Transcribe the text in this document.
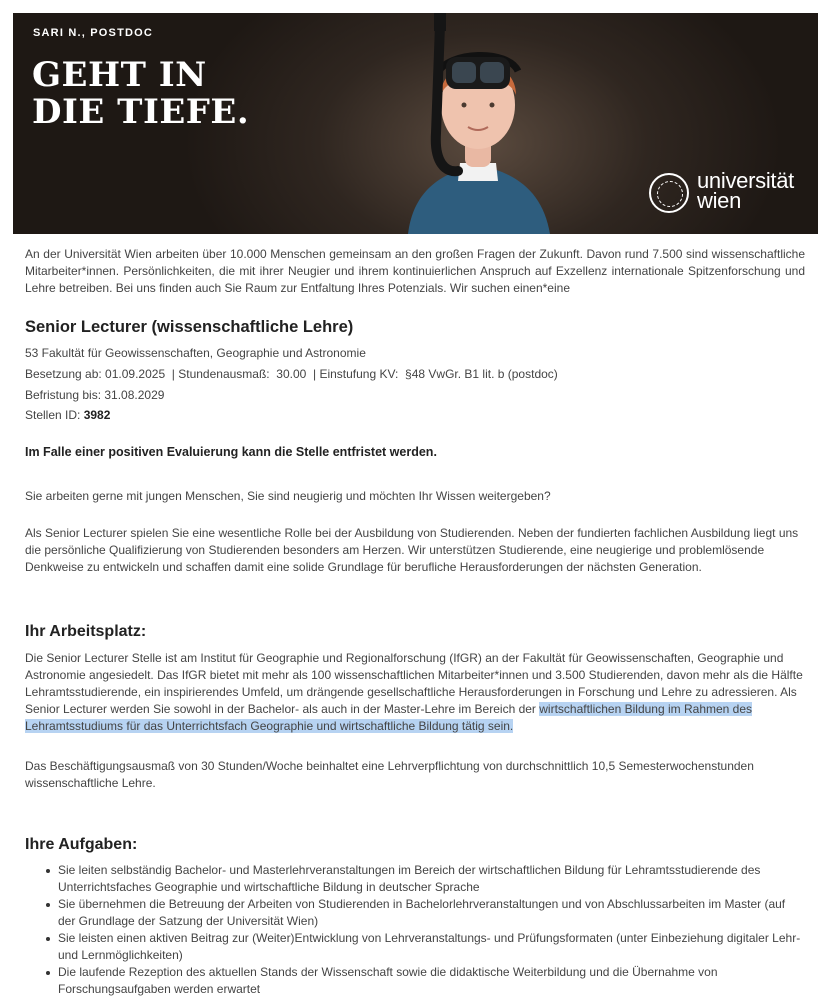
SARI N., POSTDOC
GEHT IN
DIE TIEFE.
universität
wien

An der Universität Wien arbeiten über 10.000 Menschen gemeinsam an den großen Fragen der Zukunft. Davon rund 7.500 sind wissenschaftliche Mitarbeiter*innen. Persönlichkeiten, die mit ihrer Neugier und ihrem kontinuierlichen Anspruch auf Exzellenz internationale Spitzenforschung und Lehre betreiben. Bei uns finden auch Sie Raum zur Entfaltung Ihres Potenzials. Wir suchen einen*eine

Senior Lecturer (wissenschaftliche Lehre)
53 Fakultät für Geowissenschaften, Geographie und Astronomie
Besetzung ab: 01.09.2025  | Stundenausmaß:  30.00  | Einstufung KV:  §48 VwGr. B1 lit. b (postdoc)
Befristung bis: 31.08.2029
Stellen ID: 3982
Im Falle einer positiven Evaluierung kann die Stelle entfristet werden.

Sie arbeiten gerne mit jungen Menschen, Sie sind neugierig und möchten Ihr Wissen weitergeben?

Als Senior Lecturer spielen Sie eine wesentliche Rolle bei der Ausbildung von Studierenden. Neben der fundierten fachlichen Ausbildung liegt uns die persönliche Qualifizierung von Studierenden besonders am Herzen. Wir unterstützen Studierende, eine neugierige und problemlösende Denkweise zu entwickeln und schaffen damit eine solide Grundlage für berufliche Herausforderungen der nächsten Generation.

Ihr Arbeitsplatz:

Die Senior Lecturer Stelle ist am Institut für Geographie und Regionalforschung (IfGR) an der Fakultät für Geowissenschaften, Geographie und Astronomie angesiedelt. Das IfGR bietet mit mehr als 100 wissenschaftlichen Mitarbeiter*innen und 3.500 Studierenden, davon mehr als die Hälfte Lehramtsstudierende, ein inspirierendes Umfeld, um drängende gesellschaftliche Herausforderungen in Forschung und Lehre zu adressieren. Als Senior Lecturer werden Sie sowohl in der Bachelor- als auch in der Master-Lehre im Bereich der wirtschaftlichen Bildung im Rahmen des Lehramtsstudiums für das Unterrichtsfach Geographie und wirtschaftliche Bildung tätig sein.

Das Beschäftigungsausmaß von 30 Stunden/Woche beinhaltet eine Lehrverpflichtung von durchschnittlich 10,5 Semesterwochenstunden wissenschaftliche Lehre.

Ihre Aufgaben:
Sie leiten selbständig Bachelor- und Masterlehrveranstaltungen im Bereich der wirtschaftlichen Bildung für Lehramtsstudierende des Unterrichtsfaches Geographie und wirtschaftliche Bildung in deutscher Sprache
Sie übernehmen die Betreuung der Arbeiten von Studierenden in Bachelorlehrveranstaltungen und von Abschlussarbeiten im Master (auf der Grundlage der Satzung der Universität Wien)
Sie leisten einen aktiven Beitrag zur (Weiter)Entwicklung von Lehrveranstaltungs- und Prüfungsformaten (unter Einbeziehung digitaler Lehr- und Lernmöglichkeiten)
Die laufende Rezeption des aktuellen Stands der Wissenschaft sowie die didaktische Weiterbildung und die Übernahme von Forschungsaufgaben werden erwartet
